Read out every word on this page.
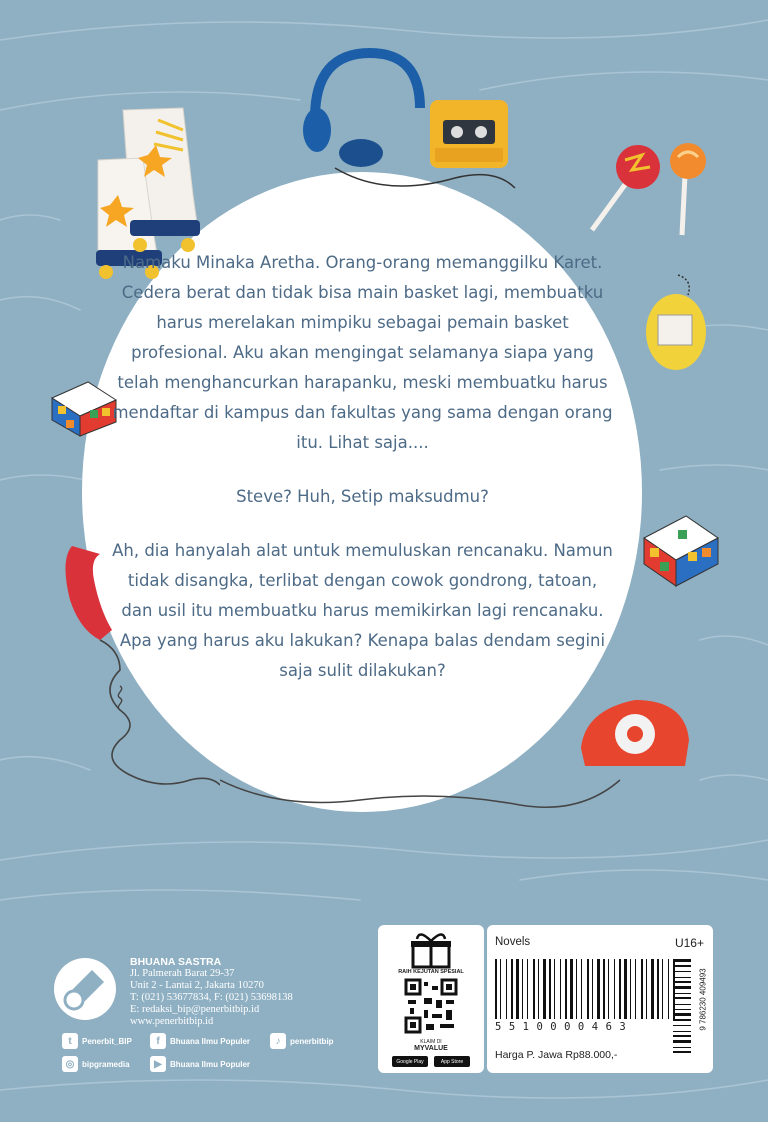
Namaku Minaka Aretha. Orang-orang memanggilku Karet. Cedera berat dan tidak bisa main basket lagi, membuatku harus merelakan mimpiku sebagai pemain basket profesional. Aku akan mengingat selamanya siapa yang telah menghancurkan harapanku, meski membuatku harus mendaftar di kampus dan fakultas yang sama dengan orang itu. Lihat saja....

Steve? Huh, Setip maksudmu?

Ah, dia hanyalah alat untuk memuluskan rencanaku. Namun tidak disangka, terlibat dengan cowok gondrong, tatoan, dan usil itu membuatku harus memikirkan lagi rencanaku. Apa yang harus aku lakukan? Kenapa balas dendam segini saja sulit dilakukan?

BHUANA SASTRA
Jl. Palmerah Barat 29-37
Unit 2 - Lantai 2, Jakarta 10270
T: (021) 53677834, F: (021) 53698138
E: redaksi_bip@penerbitbip.id
www.penerbitbip.id
t	Penerbit_BIP	f	Bhuana Ilmu Populer	♪	penerbitbip
◎ bipgramedia	▶	Bhuana Ilmu Populer
RAIH KEJUTAN SPESIAL
KLAIM DI
MYVALUE
Google Play	App Store
Novels	U16+
5510000463
Harga P. Jawa Rp88.000,-
9 786230 409493
